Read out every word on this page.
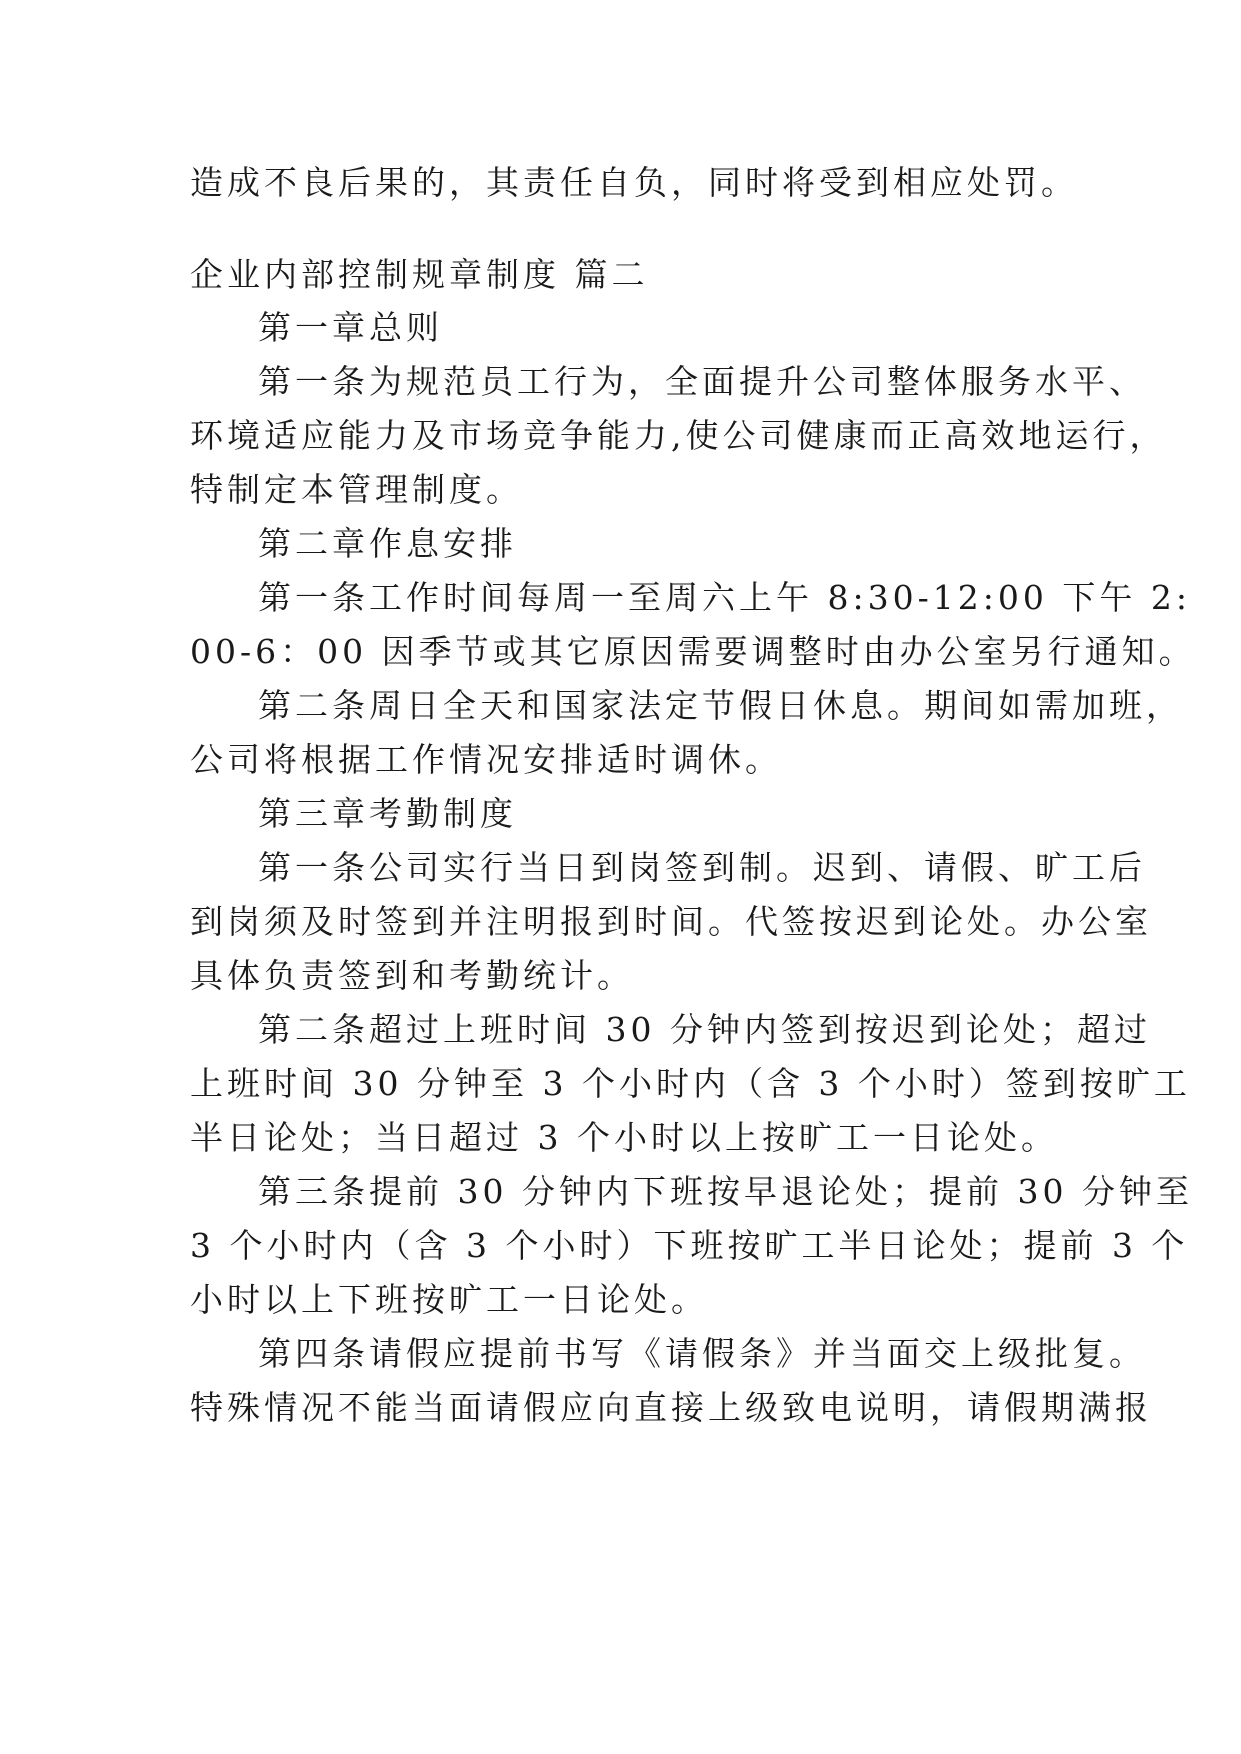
造成不良后果的，其责任自负，同时将受到相应处罚。
企业内部控制规章制度 篇二
第一章总则
第一条为规范员工行为，全面提升公司整体服务水平、
环境适应能力及市场竞争能力,使公司健康而正高效地运行，
特制定本管理制度。
第二章作息安排
第一条工作时间每周一至周六上午 8:30-12:00 下午 2:
00-6：00 因季节或其它原因需要调整时由办公室另行通知。
第二条周日全天和国家法定节假日休息。期间如需加班，
公司将根据工作情况安排适时调休。
第三章考勤制度
第一条公司实行当日到岗签到制。迟到、请假、旷工后
到岗须及时签到并注明报到时间。代签按迟到论处。办公室
具体负责签到和考勤统计。
第二条超过上班时间 30 分钟内签到按迟到论处；超过
上班时间 30 分钟至 3 个小时内（含 3 个小时）签到按旷工
半日论处；当日超过 3 个小时以上按旷工一日论处。
第三条提前 30 分钟内下班按早退论处；提前 30 分钟至
3 个小时内（含 3 个小时）下班按旷工半日论处；提前 3 个
小时以上下班按旷工一日论处。
第四条请假应提前书写《请假条》并当面交上级批复。
特殊情况不能当面请假应向直接上级致电说明，请假期满报
